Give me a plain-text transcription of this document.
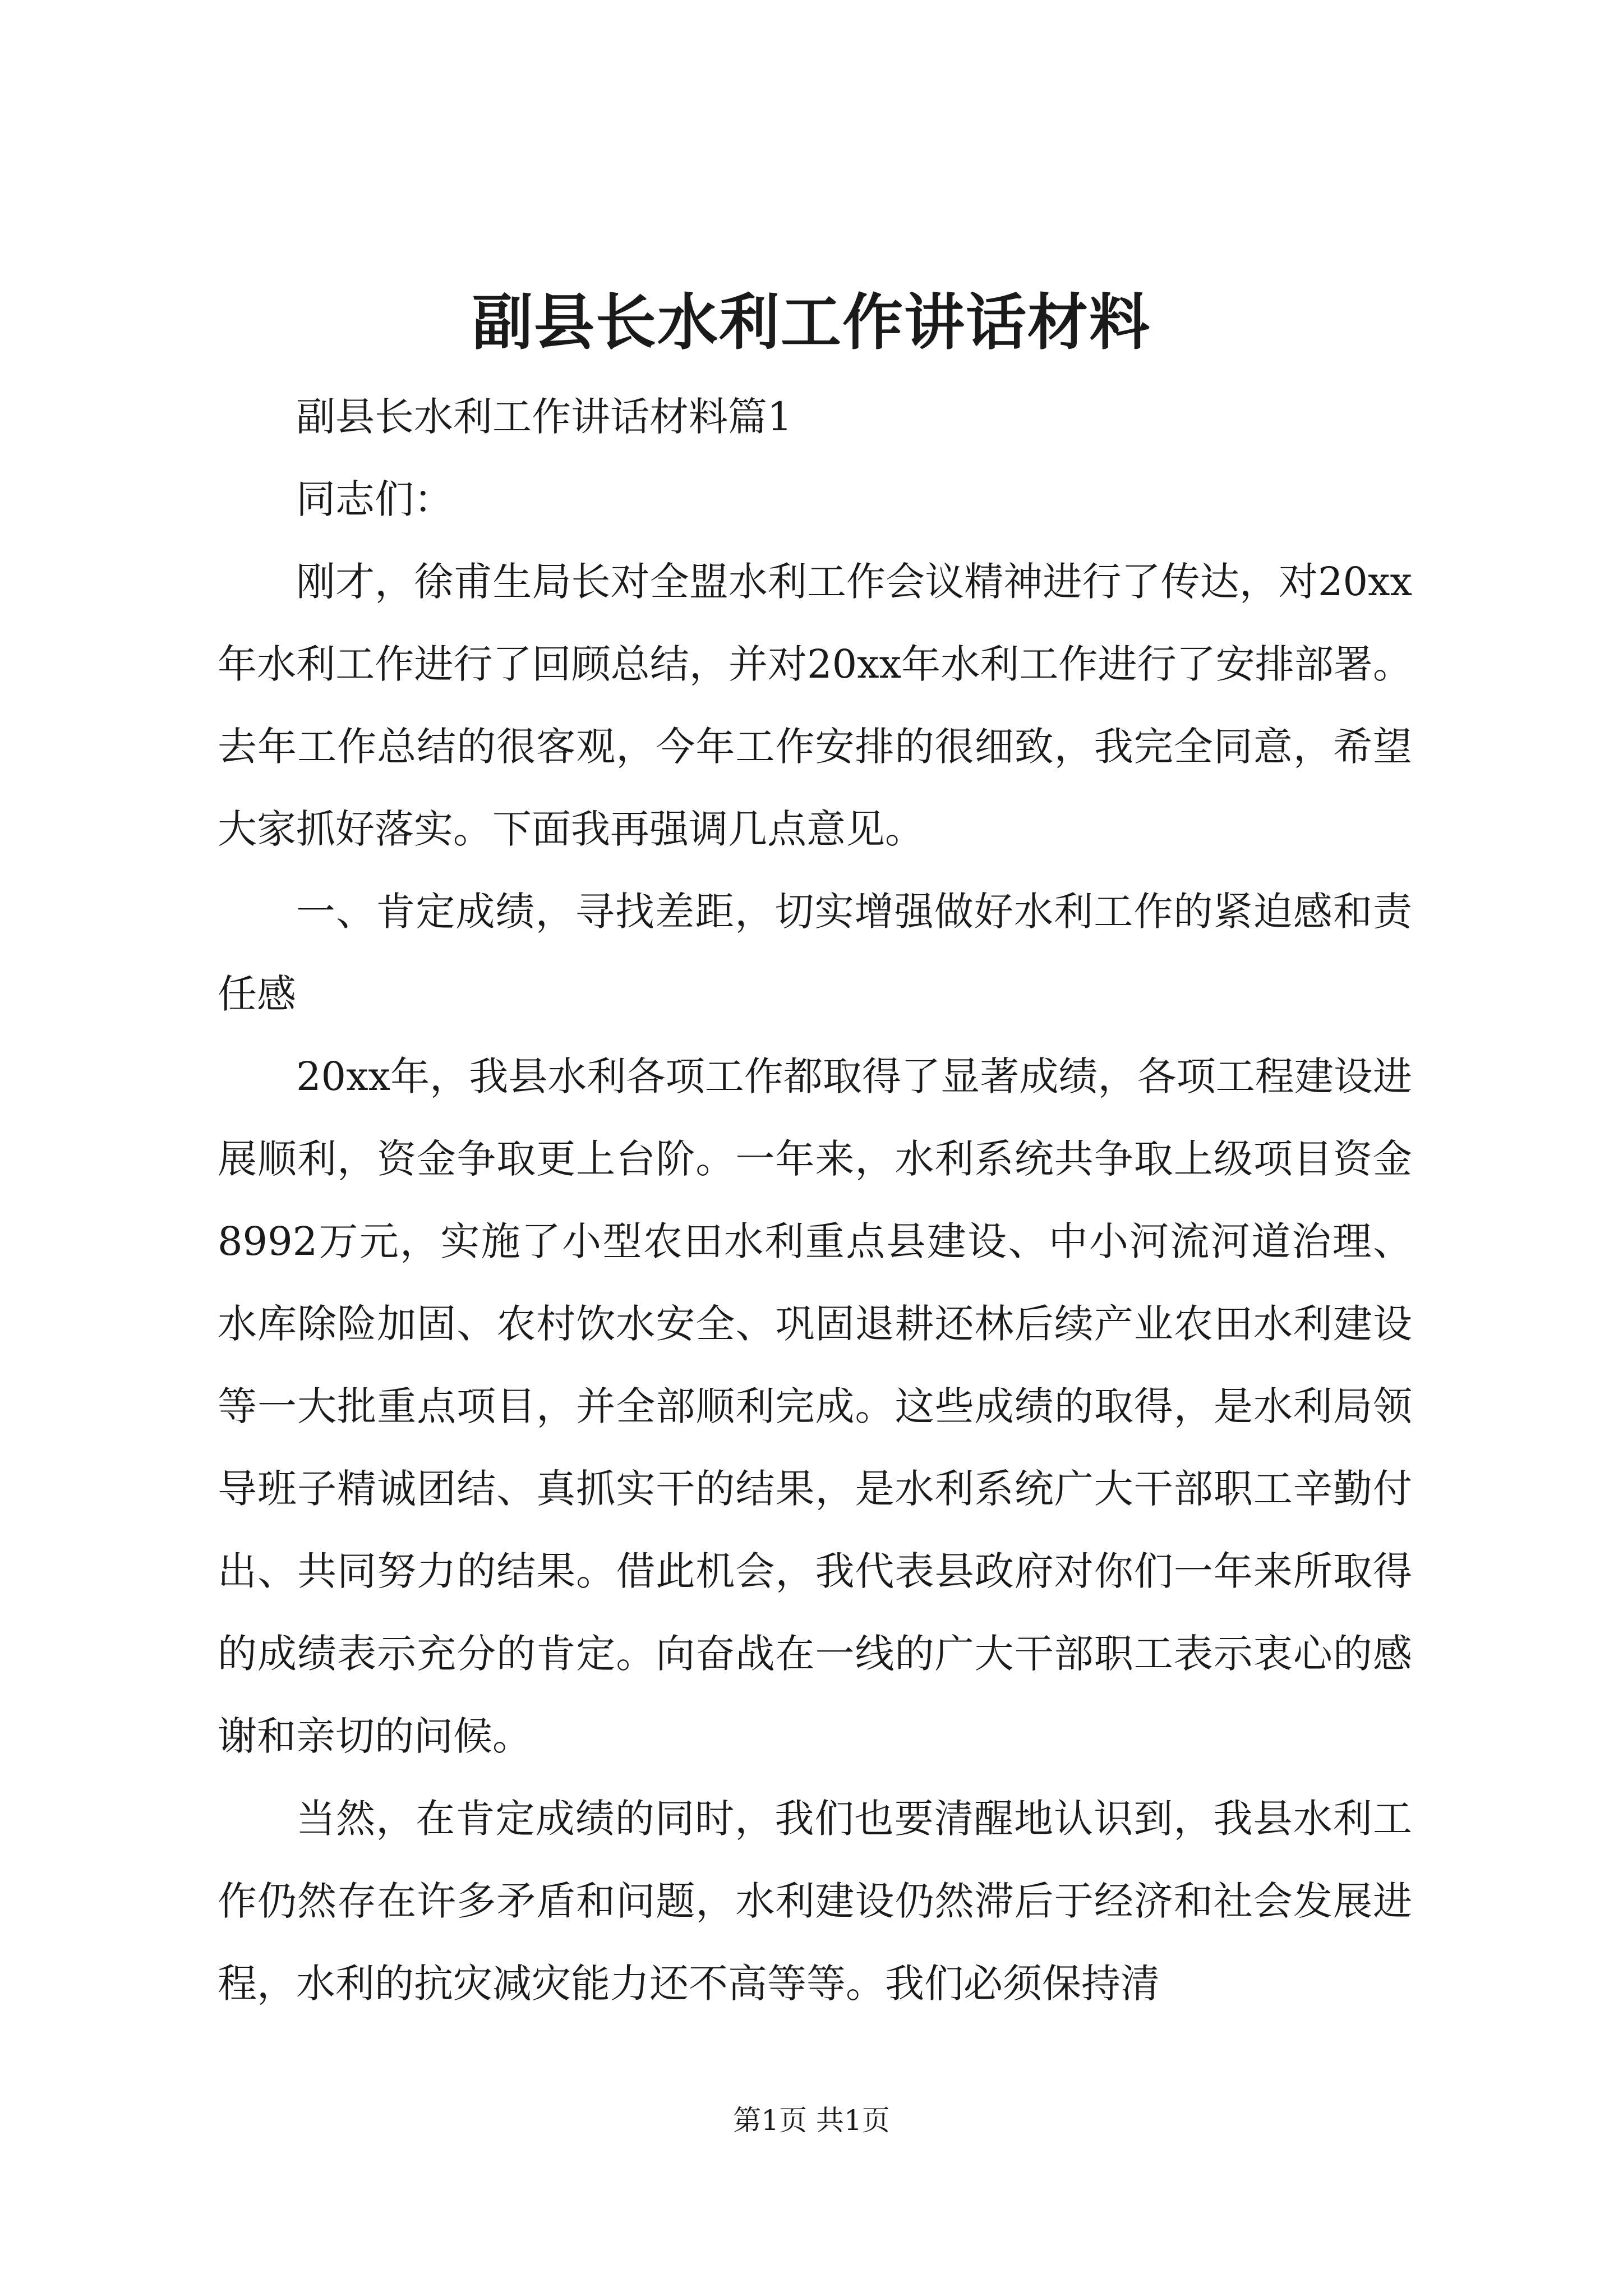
副县长水利工作讲话材料

副县长水利工作讲话材料篇1

同志们：

刚才，徐甫生局长对全盟水利工作会议精神进行了传达，对20xx年水利工作进行了回顾总结，并对20xx年水利工作进行了安排部署。去年工作总结的很客观，今年工作安排的很细致，我完全同意，希望大家抓好落实。下面我再强调几点意见。

一、肯定成绩，寻找差距，切实增强做好水利工作的紧迫感和责任感

20xx年，我县水利各项工作都取得了显著成绩，各项工程建设进展顺利，资金争取更上台阶。一年来，水利系统共争取上级项目资金8992万元，实施了小型农田水利重点县建设、中小河流河道治理、水库除险加固、农村饮水安全、巩固退耕还林后续产业农田水利建设等一大批重点项目，并全部顺利完成。这些成绩的取得，是水利局领导班子精诚团结、真抓实干的结果，是水利系统广大干部职工辛勤付出、共同努力的结果。借此机会，我代表县政府对你们一年来所取得的成绩表示充分的肯定。向奋战在一线的广大干部职工表示衷心的感谢和亲切的问候。

当然，在肯定成绩的同时，我们也要清醒地认识到，我县水利工作仍然存在许多矛盾和问题，水利建设仍然滞后于经济和社会发展进程，水利的抗灾减灾能力还不高等等。我们必须保持清

第1页 共1页
